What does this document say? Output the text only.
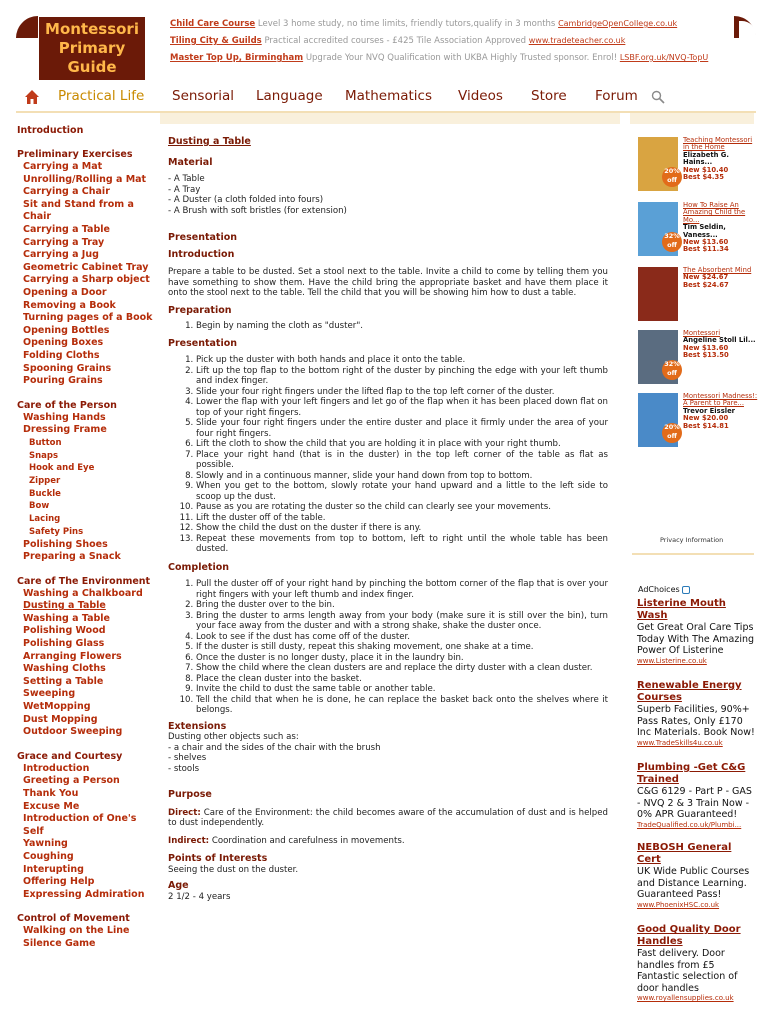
Montessori
Primary
Guide
Child Care Course Level 3 home study, no time limits, friendly tutors,qualify in 3 months CambridgeOpenCollege.co.uk
Tiling City & Guilds Practical accredited courses - £425 Tile Association Approved www.tradeteacher.co.uk
Master Top Up, Birmingham Upgrade Your NVQ Qualification with UKBA Highly Trusted sponsor. Enrol! LSBF.org.uk/NVQ-TopU
Practical Life Sensorial Language Mathematics Videos Store Forum
Introduction
Preliminary Exercises
Carrying a Mat
Unrolling/Rolling a Mat
Carrying a Chair
Sit and Stand from a Chair
Carrying a Table
Carrying a Tray
Carrying a Jug
Geometric Cabinet Tray
Carrying a Sharp object
Opening a Door
Removing a Book
Turning pages of a Book
Opening Bottles
Opening Boxes
Folding Cloths
Spooning Grains
Pouring Grains
Care of the Person
Washing Hands
Dressing Frame
Button
Snaps
Hook and Eye
Zipper
Buckle
Bow
Lacing
Safety Pins
Polishing Shoes
Preparing a Snack
Care of The Environment
Washing a Chalkboard
Dusting a Table
Washing a Table
Polishing Wood
Polishing Glass
Arranging Flowers
Washing Cloths
Setting a Table
Sweeping
WetMopping
Dust Mopping
Outdoor Sweeping
Grace and Courtesy
Introduction
Greeting a Person
Thank You
Excuse Me
Introduction of One's Self
Yawning
Coughing
Interupting
Offering Help
Expressing Admiration
Control of Movement
Walking on the Line
Silence Game
Dusting a Table
Material
- A Table
- A Tray
- A Duster (a cloth folded into fours)
- A Brush with soft bristles (for extension)
Presentation
Introduction
Prepare a table to be dusted. Set a stool next to the table. Invite a child to come by telling them you have something to show them. Have the child bring the appropriate basket and have them place it onto the stool next to the table. Tell the child that you will be showing him how to dust a table.
Preparation
1. Begin by naming the cloth as "duster".
Presentation
1. Pick up the duster with both hands and place it onto the table.
2. Lift up the top flap to the bottom right of the duster by pinching the edge with your left thumb and index finger.
3. Slide your four right fingers under the lifted flap to the top left corner of the duster.
4. Lower the flap with your left fingers and let go of the flap when it has been placed down flat on top of your right fingers.
5. Slide your four right fingers under the entire duster and place it firmly under the area of your four right fingers.
6. Lift the cloth to show the child that you are holding it in place with your right thumb.
7. Place your right hand (that is in the duster) in the top left corner of the table as flat as possible.
8. Slowly and in a continuous manner, slide your hand down from top to bottom.
9. When you get to the bottom, slowly rotate your hand upward and a little to the left side to scoop up the dust.
10. Pause as you are rotating the duster so the child can clearly see your movements.
11. Lift the duster off of the table.
12. Show the child the dust on the duster if there is any.
13. Repeat these movements from top to bottom, left to right until the whole table has been dusted.
Completion
1. Pull the duster off of your right hand by pinching the bottom corner of the flap that is over your right fingers with your left thumb and index finger.
2. Bring the duster over to the bin.
3. Bring the duster to arms length away from your body (make sure it is still over the bin), turn your face away from the duster and with a strong shake, shake the duster once.
4. Look to see if the dust has come off of the duster.
5. If the duster is still dusty, repeat this shaking movement, one shake at a time.
6. Once the duster is no longer dusty, place it in the laundry bin.
7. Show the child where the clean dusters are and replace the dirty duster with a clean duster.
8. Place the clean duster into the basket.
9. Invite the child to dust the same table or another table.
10. Tell the child that when he is done, he can replace the basket back onto the shelves where it belongs.
Extensions
Dusting other objects such as:
- a chair and the sides of the chair with the brush
- shelves
- stools
Purpose
Direct: Care of the Environment: the child becomes aware of the accumulation of dust and is helped to dust independently.
Indirect: Coordination and carefulness in movements.
Points of Interests
Seeing the dust on the duster.
Age
2 1/2 - 4 years
20%
off
Teaching Montessori in the Home
Elizabeth G. Hains...
New $10.40
Best $4.35
32%
off
How To Raise An Amazing Child the Mo...
Tim Seldin, Vaness...
New $13.60
Best $11.34
The Absorbent Mind
New $24.67
Best $24.67
32%
off
Montessori
Angeline Stoll Lil...
New $13.60
Best $13.50
20%
off
Montessori Madness!: A Parent to Pare...
Trevor Eissler
New $20.00
Best $14.81
Privacy Information
AdChoices
Listerine Mouth Wash
Get Great Oral Care Tips Today With The Amazing Power Of Listerine
www.Listerine.co.uk
Renewable Energy Courses
Superb Facilities, 90%+ Pass Rates, Only £170 Inc Materials. Book Now!
www.TradeSkills4u.co.uk
Plumbing -Get C&G Trained
C&G 6129 - Part P - GAS - NVQ 2 & 3 Train Now - 0% APR Guaranteed!
TradeQualified.co.uk/Plumbi...
NEBOSH General Cert
UK Wide Public Courses and Distance Learning. Guaranteed Pass!
www.PhoenixHSC.co.uk
Good Quality Door Handles
Fast delivery. Door handles from £5 Fantastic selection of door handles
www.royallensupplies.co.uk
